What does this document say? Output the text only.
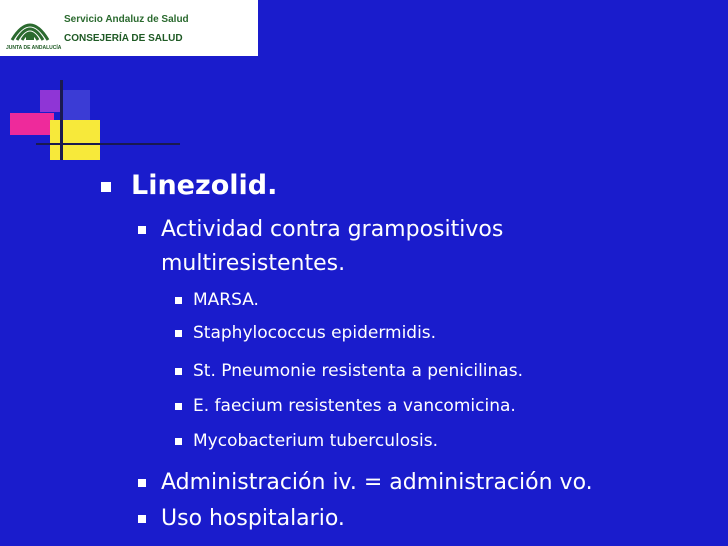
JUNTA DE ANDALUCÍA
Servicio Andaluz de Salud
CONSEJERÍA DE SALUD
Linezolid.
Actividad contra grampositivos
multiresistentes.
MARSA.
Staphylococcus epidermidis.
St. Pneumonie resistenta a penicilinas.
E. faecium resistentes a vancomicina.
Mycobacterium tuberculosis.
Administración iv. = administración vo.
Uso hospitalario.
